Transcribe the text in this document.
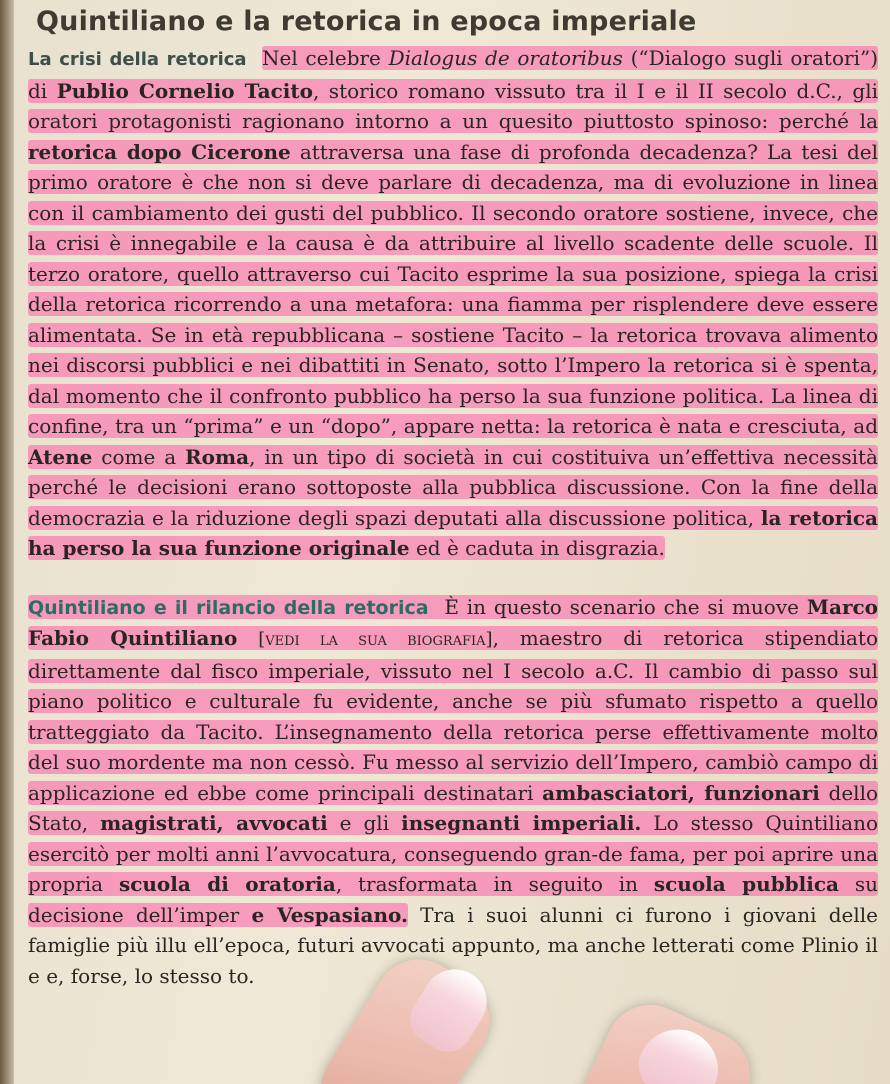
Quintiliano e la retorica in epoca imperiale

La crisi della retorica Nel celebre Dialogus de oratoribus (“Dialogo sugli oratori”) di Publio Cornelio Tacito, storico romano vissuto tra il I e il II secolo d.C., gli oratori protagonisti ragionano intorno a un quesito piuttosto spinoso: perché la retorica dopo Cicerone attraversa una fase di profonda decadenza? La tesi del primo oratore è che non si deve parlare di decadenza, ma di evoluzione in linea con il cambiamento dei gusti del pubblico. Il secondo oratore sostiene, invece, che la crisi è innegabile e la causa è da attribuire al livello scadente delle scuole. Il terzo oratore, quello attraverso cui Tacito esprime la sua posizione, spiega la crisi della retorica ricorrendo a una metafora: una fiamma per risplendere deve essere alimentata. Se in età repubblicana – sostiene Tacito – la retorica trovava alimento nei discorsi pubblici e nei dibattiti in Senato, sotto l’Impero la retorica si è spenta, dal momento che il confronto pubblico ha perso la sua funzione politica. La linea di confine, tra un “prima” e un “dopo”, appare netta: la retorica è nata e cresciuta, ad Atene come a Roma, in un tipo di società in cui costituiva un’effettiva necessità perché le decisioni erano sottoposte alla pubblica discussione. Con la fine della democrazia e la riduzione degli spazi deputati alla discussione politica, la retorica ha perso la sua funzione originale ed è caduta in disgrazia.

Quintiliano e il rilancio della retorica È in questo scenario che si muove Marco Fabio Quintiliano [vedi la sua biografia], maestro di retorica stipendiato direttamente dal fisco imperiale, vissuto nel I secolo a.C. Il cambio di passo sul piano politico e culturale fu evidente, anche se più sfumato rispetto a quello tratteggiato da Tacito. L’insegnamento della retorica perse effettivamente molto del suo mordente ma non cessò. Fu messo al servizio dell’Impero, cambiò campo di applicazione ed ebbe come principali destinatari ambasciatori, funzionari dello Stato, magistrati, avvocati e gli insegnanti imperiali. Lo stesso Quintiliano esercitò per molti anni l’avvocatura, conseguendo gran-de fama, per poi aprire una propria scuola di oratoria, trasformata in seguito in scuola pubblica su decisione dell’imper e Vespasiano. Tra i suoi alunni ci furono i giovani delle famiglie più illu ell’epoca, futuri avvocati appunto, ma anche letterati come Plinio il e e, forse, lo stesso to.
